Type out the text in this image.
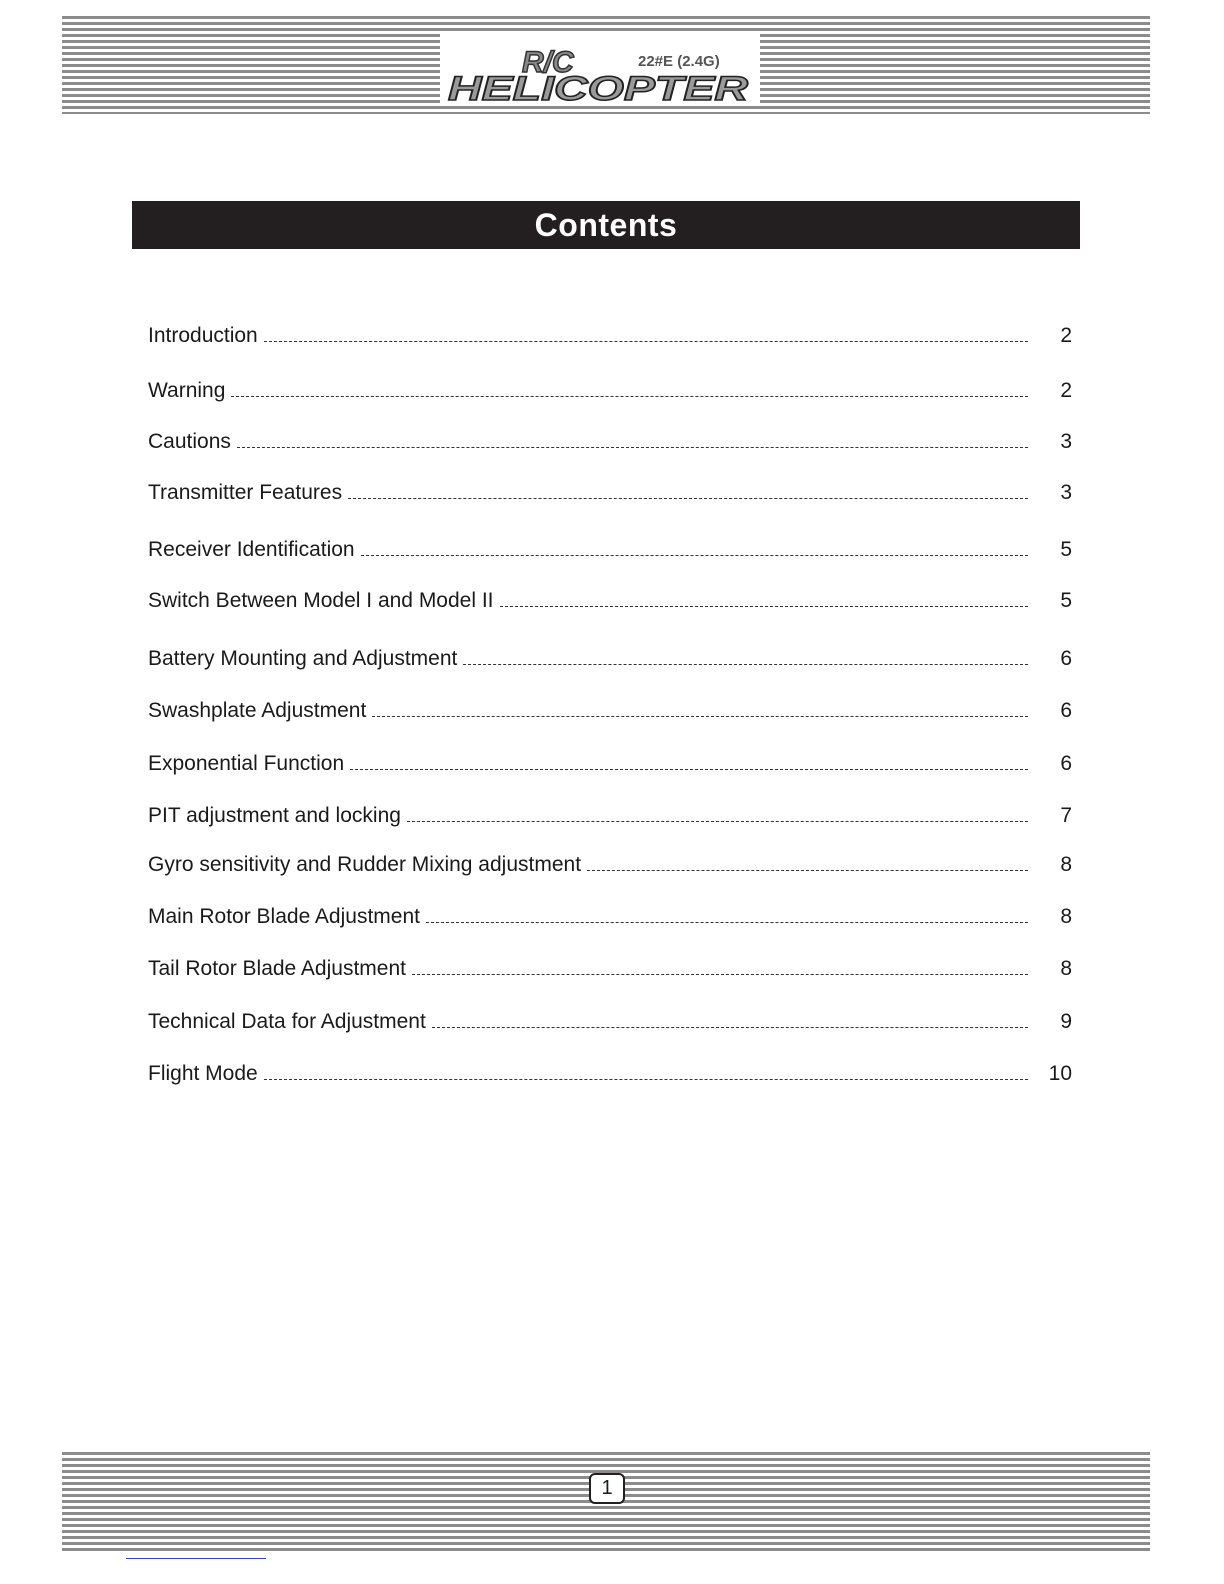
R/C	22#E (2.4G)
HELICOPTER
Contents
Introduction	2
Warning	2
Cautions	3
Transmitter Features	3
Receiver Identification	5
Switch Between Model I and Model II	5
Battery Mounting and Adjustment	6
Swashplate Adjustment	6
Exponential Function	6
PIT adjustment and locking	7
Gyro sensitivity and Rudder Mixing adjustment	8
Main Rotor Blade Adjustment	8
Tail Rotor Blade Adjustment	8
Technical Data for Adjustment	9
Flight Mode	10
1
